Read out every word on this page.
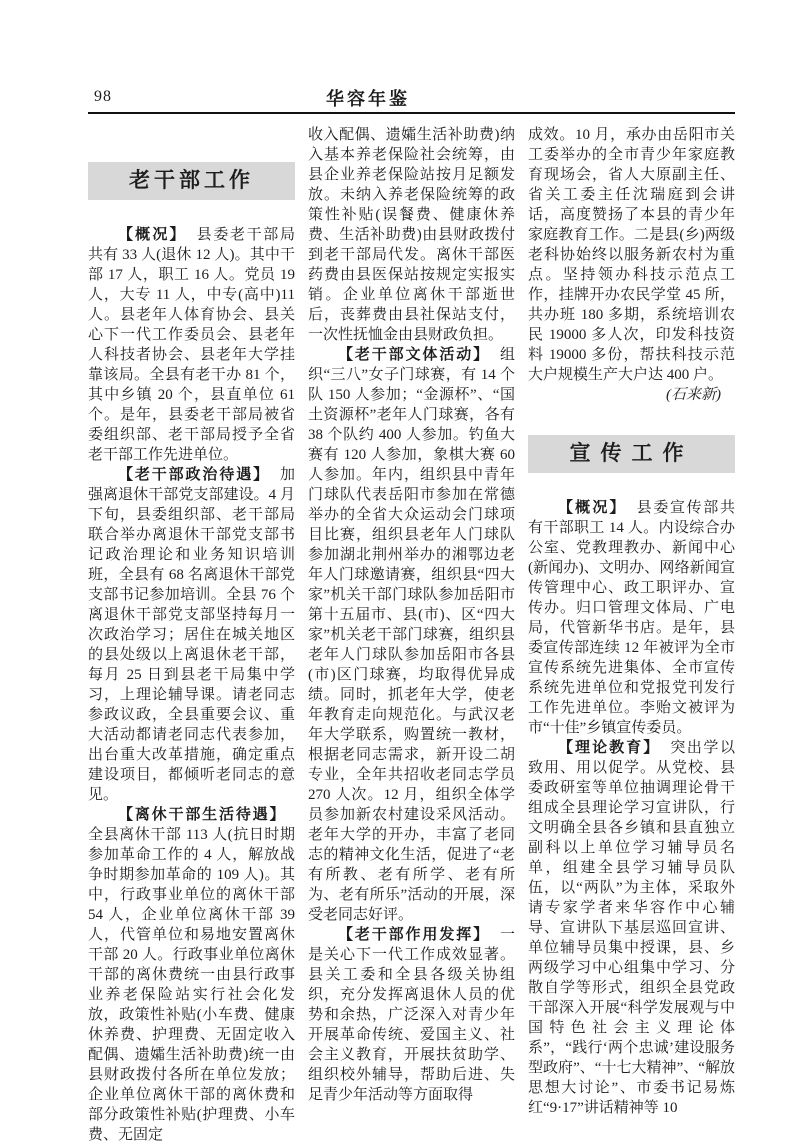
98	华容年鉴
老干部工作

【概况】 县委老干部局共有 33 人(退休 12 人)。其中干部 17 人，职工 16 人。党员 19 人，大专 11 人，中专(高中)11 人。县老年人体育协会、县关心下一代工作委员会、县老年人科技者协会、县老年大学挂靠该局。全县有老干办 81 个，其中乡镇 20 个，县直单位 61 个。是年，县委老干部局被省委组织部、老干部局授予全省老干部工作先进单位。

【老干部政治待遇】 加强离退休干部党支部建设。4 月下旬，县委组织部、老干部局联合举办离退休干部党支部书记政治理论和业务知识培训班，全县有 68 名离退休干部党支部书记参加培训。全县 76 个离退休干部党支部坚持每月一次政治学习；居住在城关地区的县处级以上离退休老干部，每月 25 日到县老干局集中学习，上理论辅导课。请老同志参政议政，全县重要会议、重大活动都请老同志代表参加，出台重大改革措施，确定重点建设项目，都倾听老同志的意见。

【离休干部生活待遇】全县离休干部 113 人(抗日时期参加革命工作的 4 人，解放战争时期参加革命的 109 人)。其中，行政事业单位的离休干部 54 人，企业单位离休干部 39 人，代管单位和易地安置离休干部 20 人。行政事业单位离休干部的离休费统一由县行政事业养老保险站实行社会化发放，政策性补贴(小车费、健康休养费、护理费、无固定收入配偶、遗孀生活补助费)统一由县财政拨付各所在单位发放；企业单位离休干部的离休费和部分政策性补贴(护理费、小车费、无固定

收入配偶、遗孀生活补助费)纳入基本养老保险社会统筹，由县企业养老保险站按月足额发放。未纳入养老保险统筹的政策性补贴(误餐费、健康休养费、生活补助费)由县财政拨付到老干部局代发。离休干部医药费由县医保站按规定实报实销。企业单位离休干部逝世后，丧葬费由县社保站支付，一次性抚恤金由县财政负担。

【老干部文体活动】 组织“三八”女子门球赛，有 14 个队 150 人参加；“金源杯”、“国土资源杯”老年人门球赛，各有 38 个队约 400 人参加。钓鱼大赛有 120 人参加，象棋大赛 60 人参加。年内，组织县中青年门球队代表岳阳市参加在常德举办的全省大众运动会门球项目比赛，组织县老年人门球队参加湖北荆州举办的湘鄂边老年人门球邀请赛，组织县“四大家”机关干部门球队参加岳阳市第十五届市、县(市)、区“四大家”机关老干部门球赛，组织县老年人门球队参加岳阳市各县(市)区门球赛，均取得优异成绩。同时，抓老年大学，使老年教育走向规范化。与武汉老年大学联系，购置统一教材，根据老同志需求，新开设二胡专业，全年共招收老同志学员 270 人次。12 月，组织全体学员参加新农村建设采风活动。老年大学的开办，丰富了老同志的精神文化生活，促进了“老有所教、老有所学、老有所为、老有所乐”活动的开展，深受老同志好评。

【老干部作用发挥】 一是关心下一代工作成效显著。县关工委和全县各级关协组织，充分发挥离退休人员的优势和余热，广泛深入对青少年开展革命传统、爱国主义、社会主义教育，开展扶贫助学、组织校外辅导，帮助后进、失足青少年活动等方面取得

成效。10 月，承办由岳阳市关工委举办的全市青少年家庭教育现场会，省人大原副主任、省关工委主任沈瑞庭到会讲话，高度赞扬了本县的青少年家庭教育工作。二是县(乡)两级老科协始终以服务新农村为重点。坚持领办科技示范点工作，挂牌开办农民学堂 45 所，共办班 180 多期，系统培训农民 19000 多人次，印发科技资料 19000 多份，帮扶科技示范大户规模生产大户达 400 户。

(石来新)

宣传工作

【概况】 县委宣传部共有干部职工 14 人。内设综合办公室、党教理教办、新闻中心(新闻办)、文明办、网络新闻宣传管理中心、政工职评办、宣传办。归口管理文体局、广电局，代管新华书店。是年，县委宣传部连续 12 年被评为全市宣传系统先进集体、全市宣传系统先进单位和党报党刊发行工作先进单位。李贻文被评为市“十佳”乡镇宣传委员。

【理论教育】 突出学以致用、用以促学。从党校、县委政研室等单位抽调理论骨干组成全县理论学习宣讲队，行文明确全县各乡镇和县直独立副科以上单位学习辅导员名单，组建全县学习辅导员队伍，以“两队”为主体，采取外请专家学者来华容作中心辅导、宣讲队下基层巡回宣讲、单位辅导员集中授课，县、乡两级学习中心组集中学习、分散自学等形式，组织全县党政干部深入开展“科学发展观与中国特色社会主义理论体系”，“践行‘两个忠诚’建设服务型政府”、“十七大精神”、“解放思想大讨论”、市委书记易炼红“9·17”讲话精神等 10
